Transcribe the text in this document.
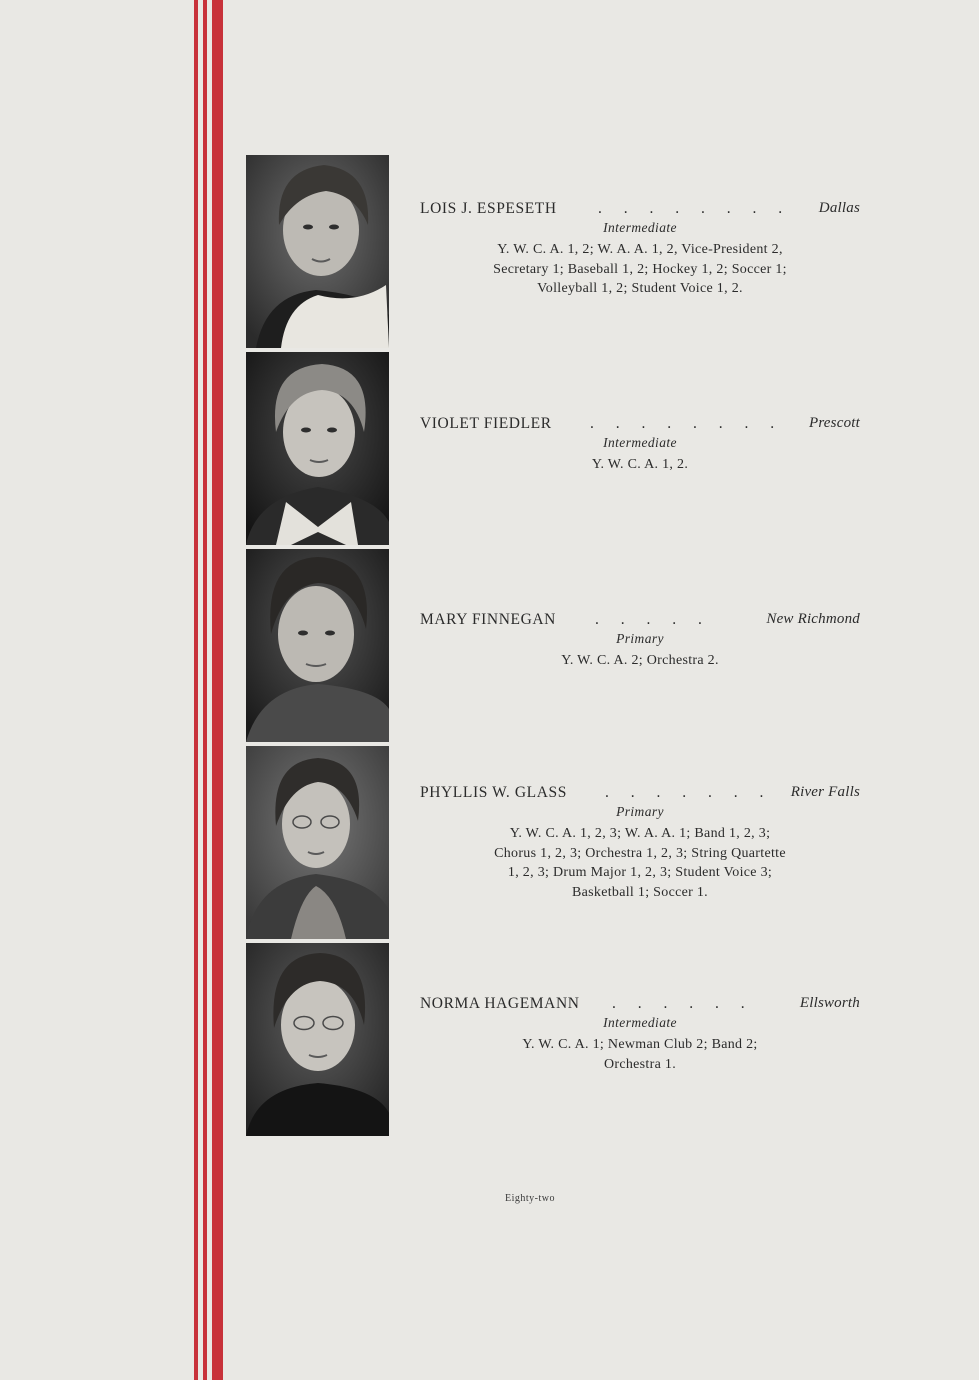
LOIS J. ESPESETH	. . . . . . . . Dallas
Intermediate
Y. W. C. A. 1, 2; W. A. A. 1, 2, Vice-President 2,
Secretary 1; Baseball 1, 2; Hockey 1, 2; Soccer 1;
Volleyball 1, 2; Student Voice 1, 2.
VIOLET FIEDLER . . . . . . . . Prescott
Intermediate
Y. W. C. A. 1, 2.
MARY FINNEGAN	. . . . .	New Richmond
Primary
Y. W. C. A. 2; Orchestra 2.
PHYLLIS W. GLASS . . . . . . . River Falls
Primary
Y. W. C. A. 1, 2, 3; W. A. A. 1; Band 1, 2, 3;
Chorus 1, 2, 3; Orchestra 1, 2, 3; String Quartette
1, 2, 3; Drum Major 1, 2, 3; Student Voice 3;
Basketball 1; Soccer 1.
NORMA HAGEMANN . . . . . .	Ellsworth
Intermediate
Y. W. C. A. 1; Newman Club 2; Band 2;
Orchestra 1.
Eighty-two
